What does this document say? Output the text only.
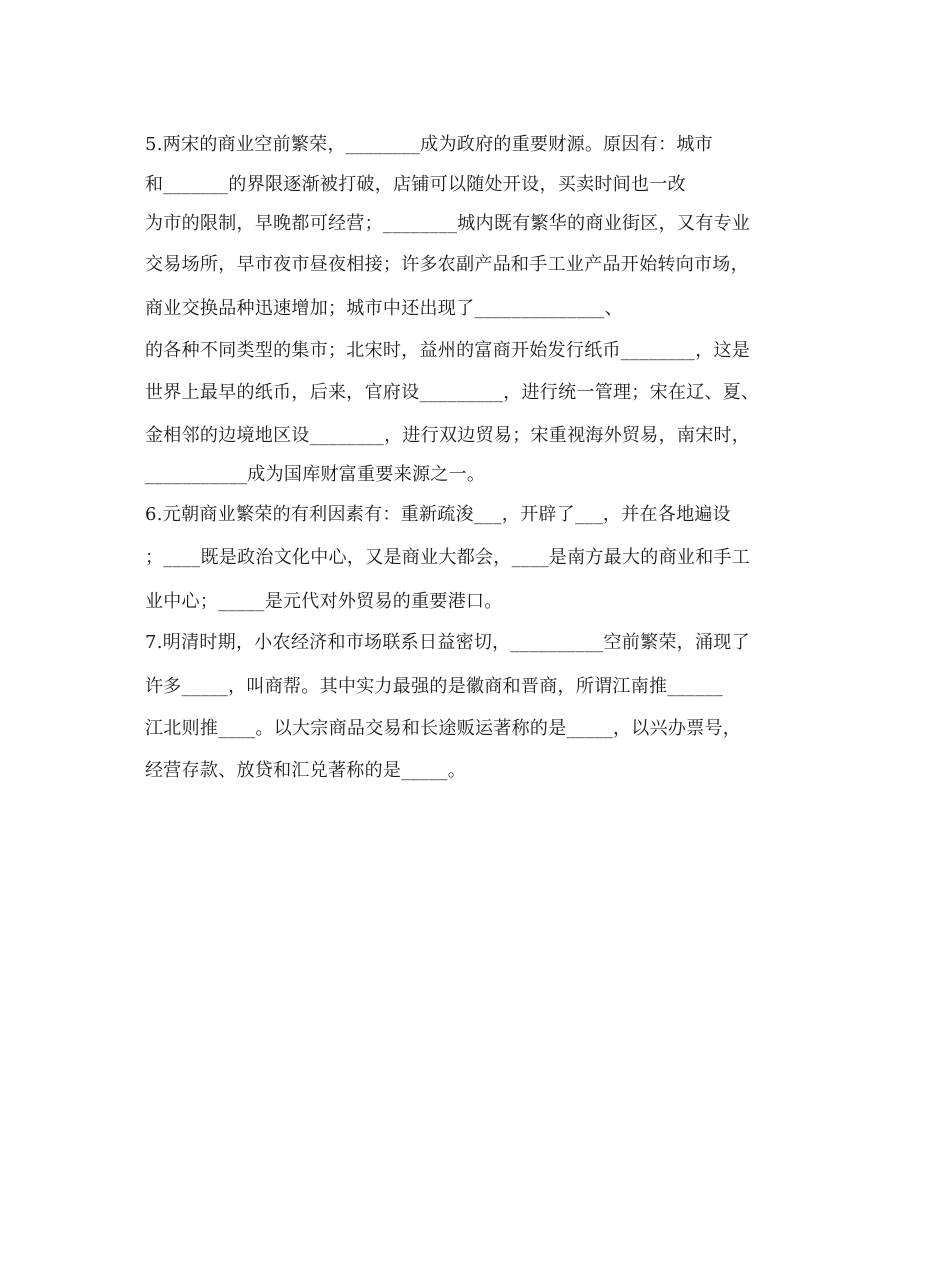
5.两宋的商业空前繁荣，________成为政府的重要财源。原因有：城市

和_______的界限逐渐被打破，店铺可以随处开设，买卖时间也一改

为市的限制，早晚都可经营；________城内既有繁华的商业街区，又有专业

交易场所，早市夜市昼夜相接；许多农副产品和手工业产品开始转向市场，

商业交换品种迅速增加；城市中还出现了______________、

的各种不同类型的集市；北宋时，益州的富商开始发行纸币________，这是

世界上最早的纸币，后来，官府设_________，进行统一管理；宋在辽、夏、

金相邻的边境地区设________，进行双边贸易；宋重视海外贸易，南宋时，

___________成为国库财富重要来源之一。

6.元朝商业繁荣的有利因素有：重新疏浚___，开辟了___，并在各地遍设

；____既是政治文化中心，又是商业大都会，____是南方最大的商业和手工

业中心；_____是元代对外贸易的重要港口。

7.明清时期，小农经济和市场联系日益密切，__________空前繁荣，涌现了

许多_____，叫商帮。其中实力最强的是徽商和晋商，所谓江南推______

江北则推____。以大宗商品交易和长途贩运著称的是_____，以兴办票号，

经营存款、放贷和汇兑著称的是_____。
